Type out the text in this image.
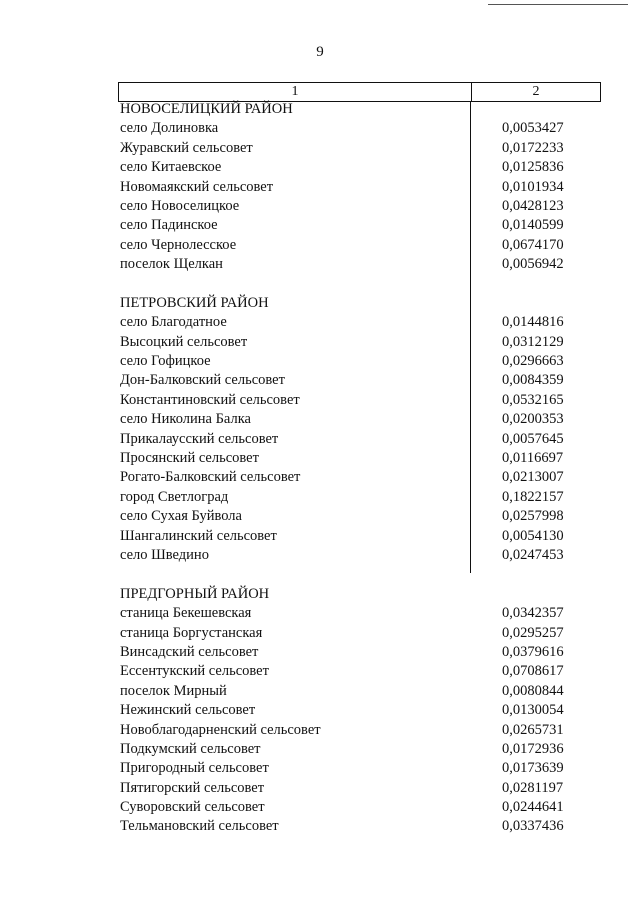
9
1	2
НОВОСЕЛИЦКИЙ РАЙОН
село Долиновка	0,0053427
Журавский сельсовет	0,0172233
село Китаевское	0,0125836
Новомаякский сельсовет	0,0101934
село Новоселицкое	0,0428123
село Падинское	0,0140599
село Чернолесское	0,0674170
поселок Щелкан	0,0056942
ПЕТРОВСКИЙ РАЙОН
село Благодатное	0,0144816
Высоцкий сельсовет	0,0312129
село Гофицкое	0,0296663
Дон-Балковский сельсовет	0,0084359
Константиновский сельсовет	0,0532165
село Николина Балка	0,0200353
Прикалаусский сельсовет	0,0057645
Просянский сельсовет	0,0116697
Рогато-Балковский сельсовет	0,0213007
город Светлоград	0,1822157
село Сухая Буйвола	0,0257998
Шангалинский сельсовет	0,0054130
село Шведино	0,0247453
ПРЕДГОРНЫЙ РАЙОН
станица Бекешевская	0,0342357
станица Боргустанская	0,0295257
Винсадский сельсовет	0,0379616
Ессентукский сельсовет	0,0708617
поселок Мирный	0,0080844
Нежинский сельсовет	0,0130054
Новоблагодарненский сельсовет	0,0265731
Подкумский сельсовет	0,0172936
Пригородный сельсовет	0,0173639
Пятигорский сельсовет	0,0281197
Суворовский сельсовет	0,0244641
Тельмановский сельсовет	0,0337436
